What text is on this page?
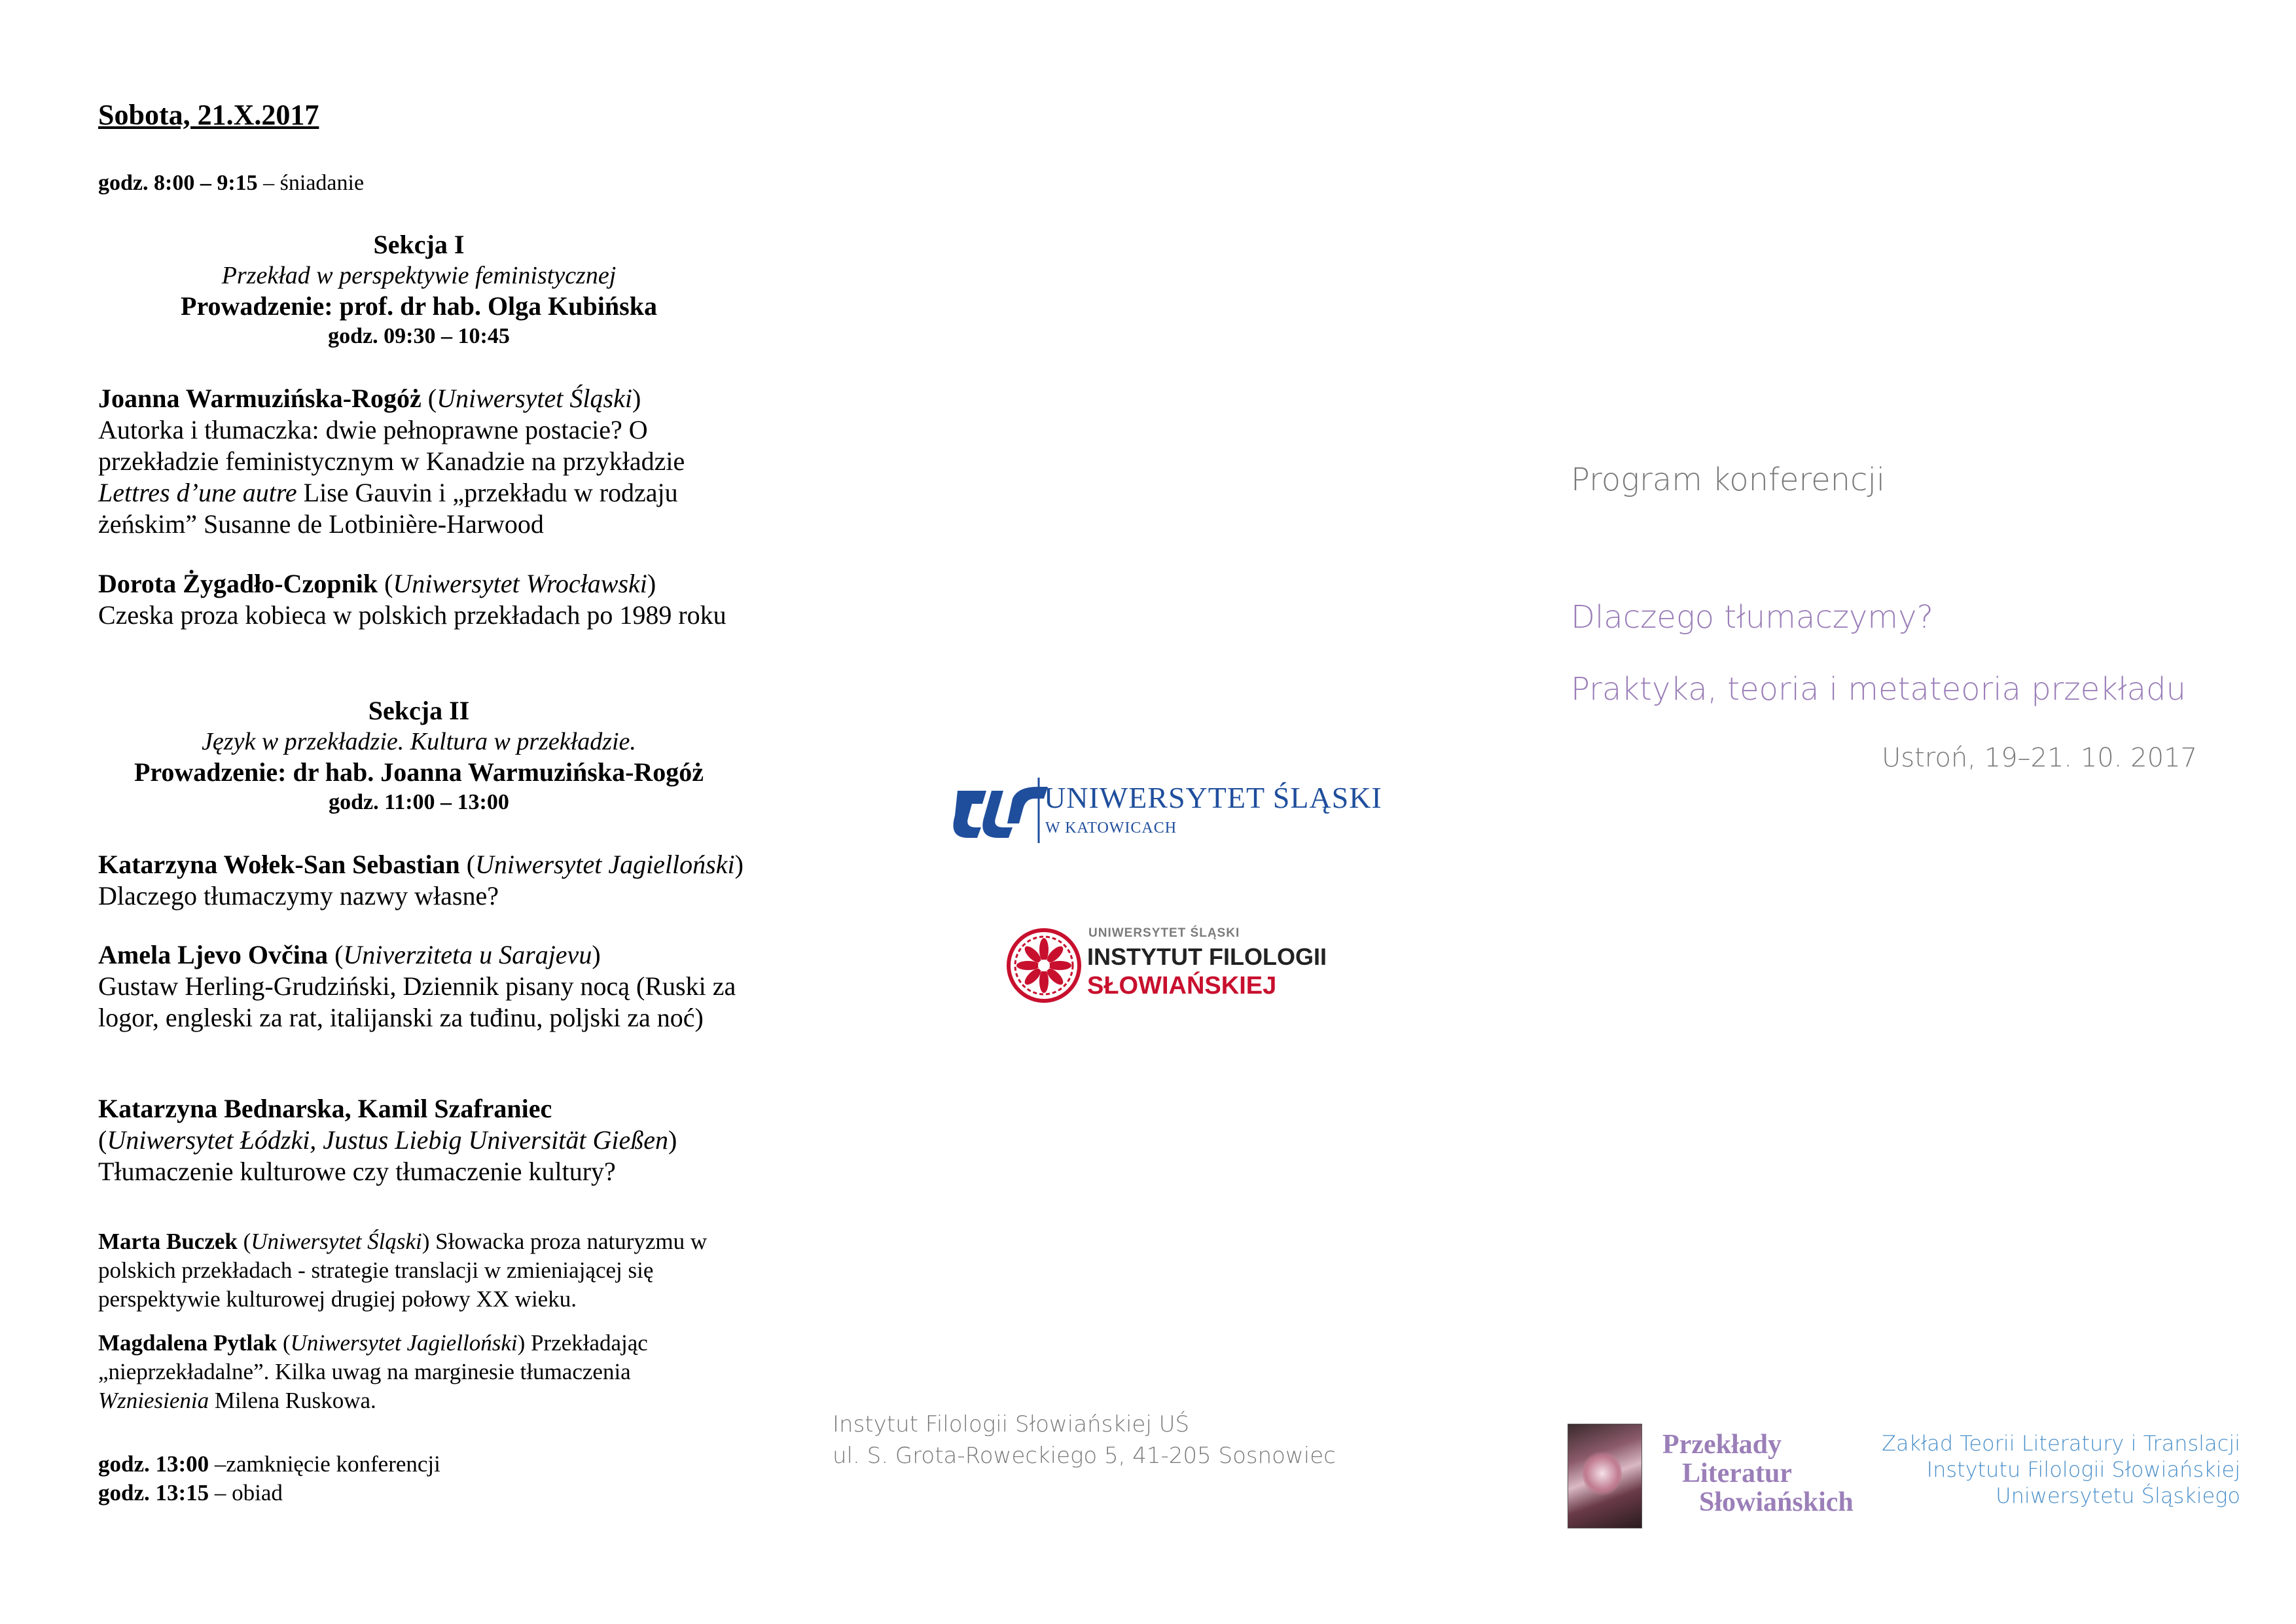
Sobota, 21.X.2017
godz. 8:00 – 9:15 – śniadanie
Sekcja I
Przekład w perspektywie feministycznej
Prowadzenie: prof. dr hab. Olga Kubińska
godz. 09:30 – 10:45
Joanna Warmuzińska-Rogóż (Uniwersytet Śląski)
Autorka i tłumaczka: dwie pełnoprawne postacie? O przekładzie feministycznym w Kanadzie na przykładzie Lettres d’une autre Lise Gauvin i „przekładu w rodzaju żeńskim” Susanne de Lotbinière-Harwood
Dorota Żygadło-Czopnik (Uniwersytet Wrocławski)
Czeska proza kobieca w polskich przekładach po 1989 roku
Sekcja II
Język w przekładzie. Kultura w przekładzie.
Prowadzenie: dr hab. Joanna Warmuzińska-Rogóż
godz. 11:00 – 13:00
Katarzyna Wołek-San Sebastian (Uniwersytet Jagielloński) Dlaczego tłumaczymy nazwy własne?
Amela Ljevo Ovčina (Univerziteta u Sarajevu)
Gustaw Herling-Grudziński, Dziennik pisany nocą (Ruski za logor, engleski za rat, italijanski za tuđinu, poljski za noć)
Katarzyna Bednarska, Kamil Szafraniec
(Uniwersytet Łódzki, Justus Liebig Universität Gießen)
Tłumaczenie kulturowe czy tłumaczenie kultury?
Marta Buczek (Uniwersytet Śląski) Słowacka proza naturyzmu w polskich przekładach - strategie translacji w zmieniającej się perspektywie kulturowej drugiej połowy XX wieku.
Magdalena Pytlak (Uniwersytet Jagielloński) Przekładając „nieprzekładalne”. Kilka uwag na marginesie tłumaczenia Wzniesienia Milena Ruskowa.
godz. 13:00 –zamknięcie konferencji
godz. 13:15 – obiad
UNIWERSYTET ŚLĄSKI
W KATOWICACH
UNIWERSYTET ŚLĄSKI
INSTYTUT FILOLOGII
SŁOWIAŃSKIEJ
Instytut Filologii Słowiańskiej UŚ
ul. S. Grota-Roweckiego 5, 41-205 Sosnowiec
Program konferencji
Dlaczego tłumaczymy?
Praktyka, teoria i metateoria przekładu
Ustroń, 19–21. 10. 2017
Przekłady
Literatur
Słowiańskich
Zakład Teorii Literatury i Translacji
Instytutu Filologii Słowiańskiej
Uniwersytetu Śląskiego
